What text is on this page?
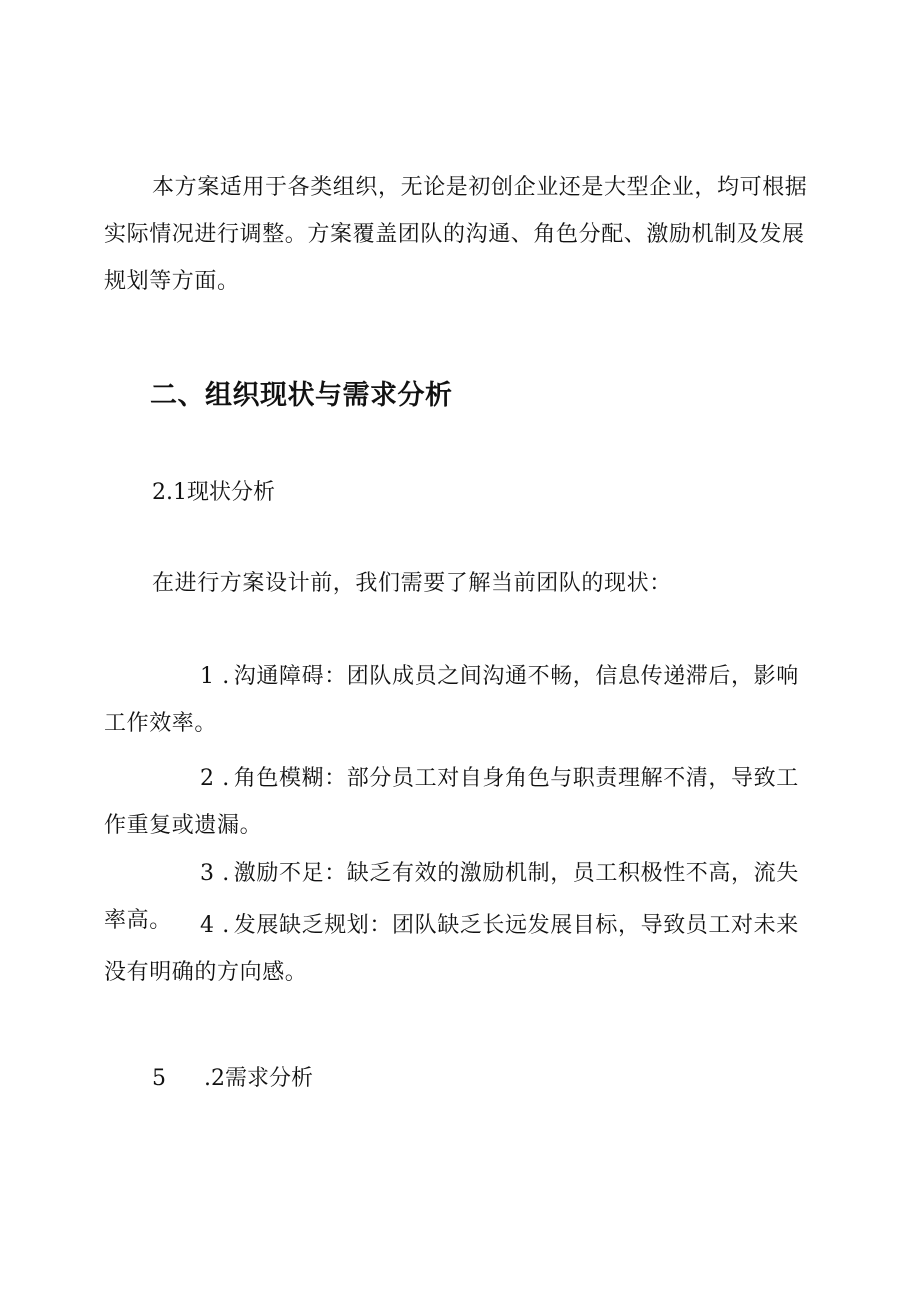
本方案适用于各类组织，无论是初创企业还是大型企业，均可根据实际情况进行调整。方案覆盖团队的沟通、角色分配、激励机制及发展规划等方面。

二、组织现状与需求分析

2.1现状分析

在进行方案设计前，我们需要了解当前团队的现状：

1 . 沟通障碍：团队成员之间沟通不畅，信息传递滞后，影响工作效率。

2 . 角色模糊：部分员工对自身角色与职责理解不清，导致工作重复或遗漏。

3 . 激励不足：缺乏有效的激励机制，员工积极性不高，流失率高。	4 . 发展缺乏规划：团队缺乏长远发展目标，导致员工对未来没有明确的方向感。

5 .2需求分析
